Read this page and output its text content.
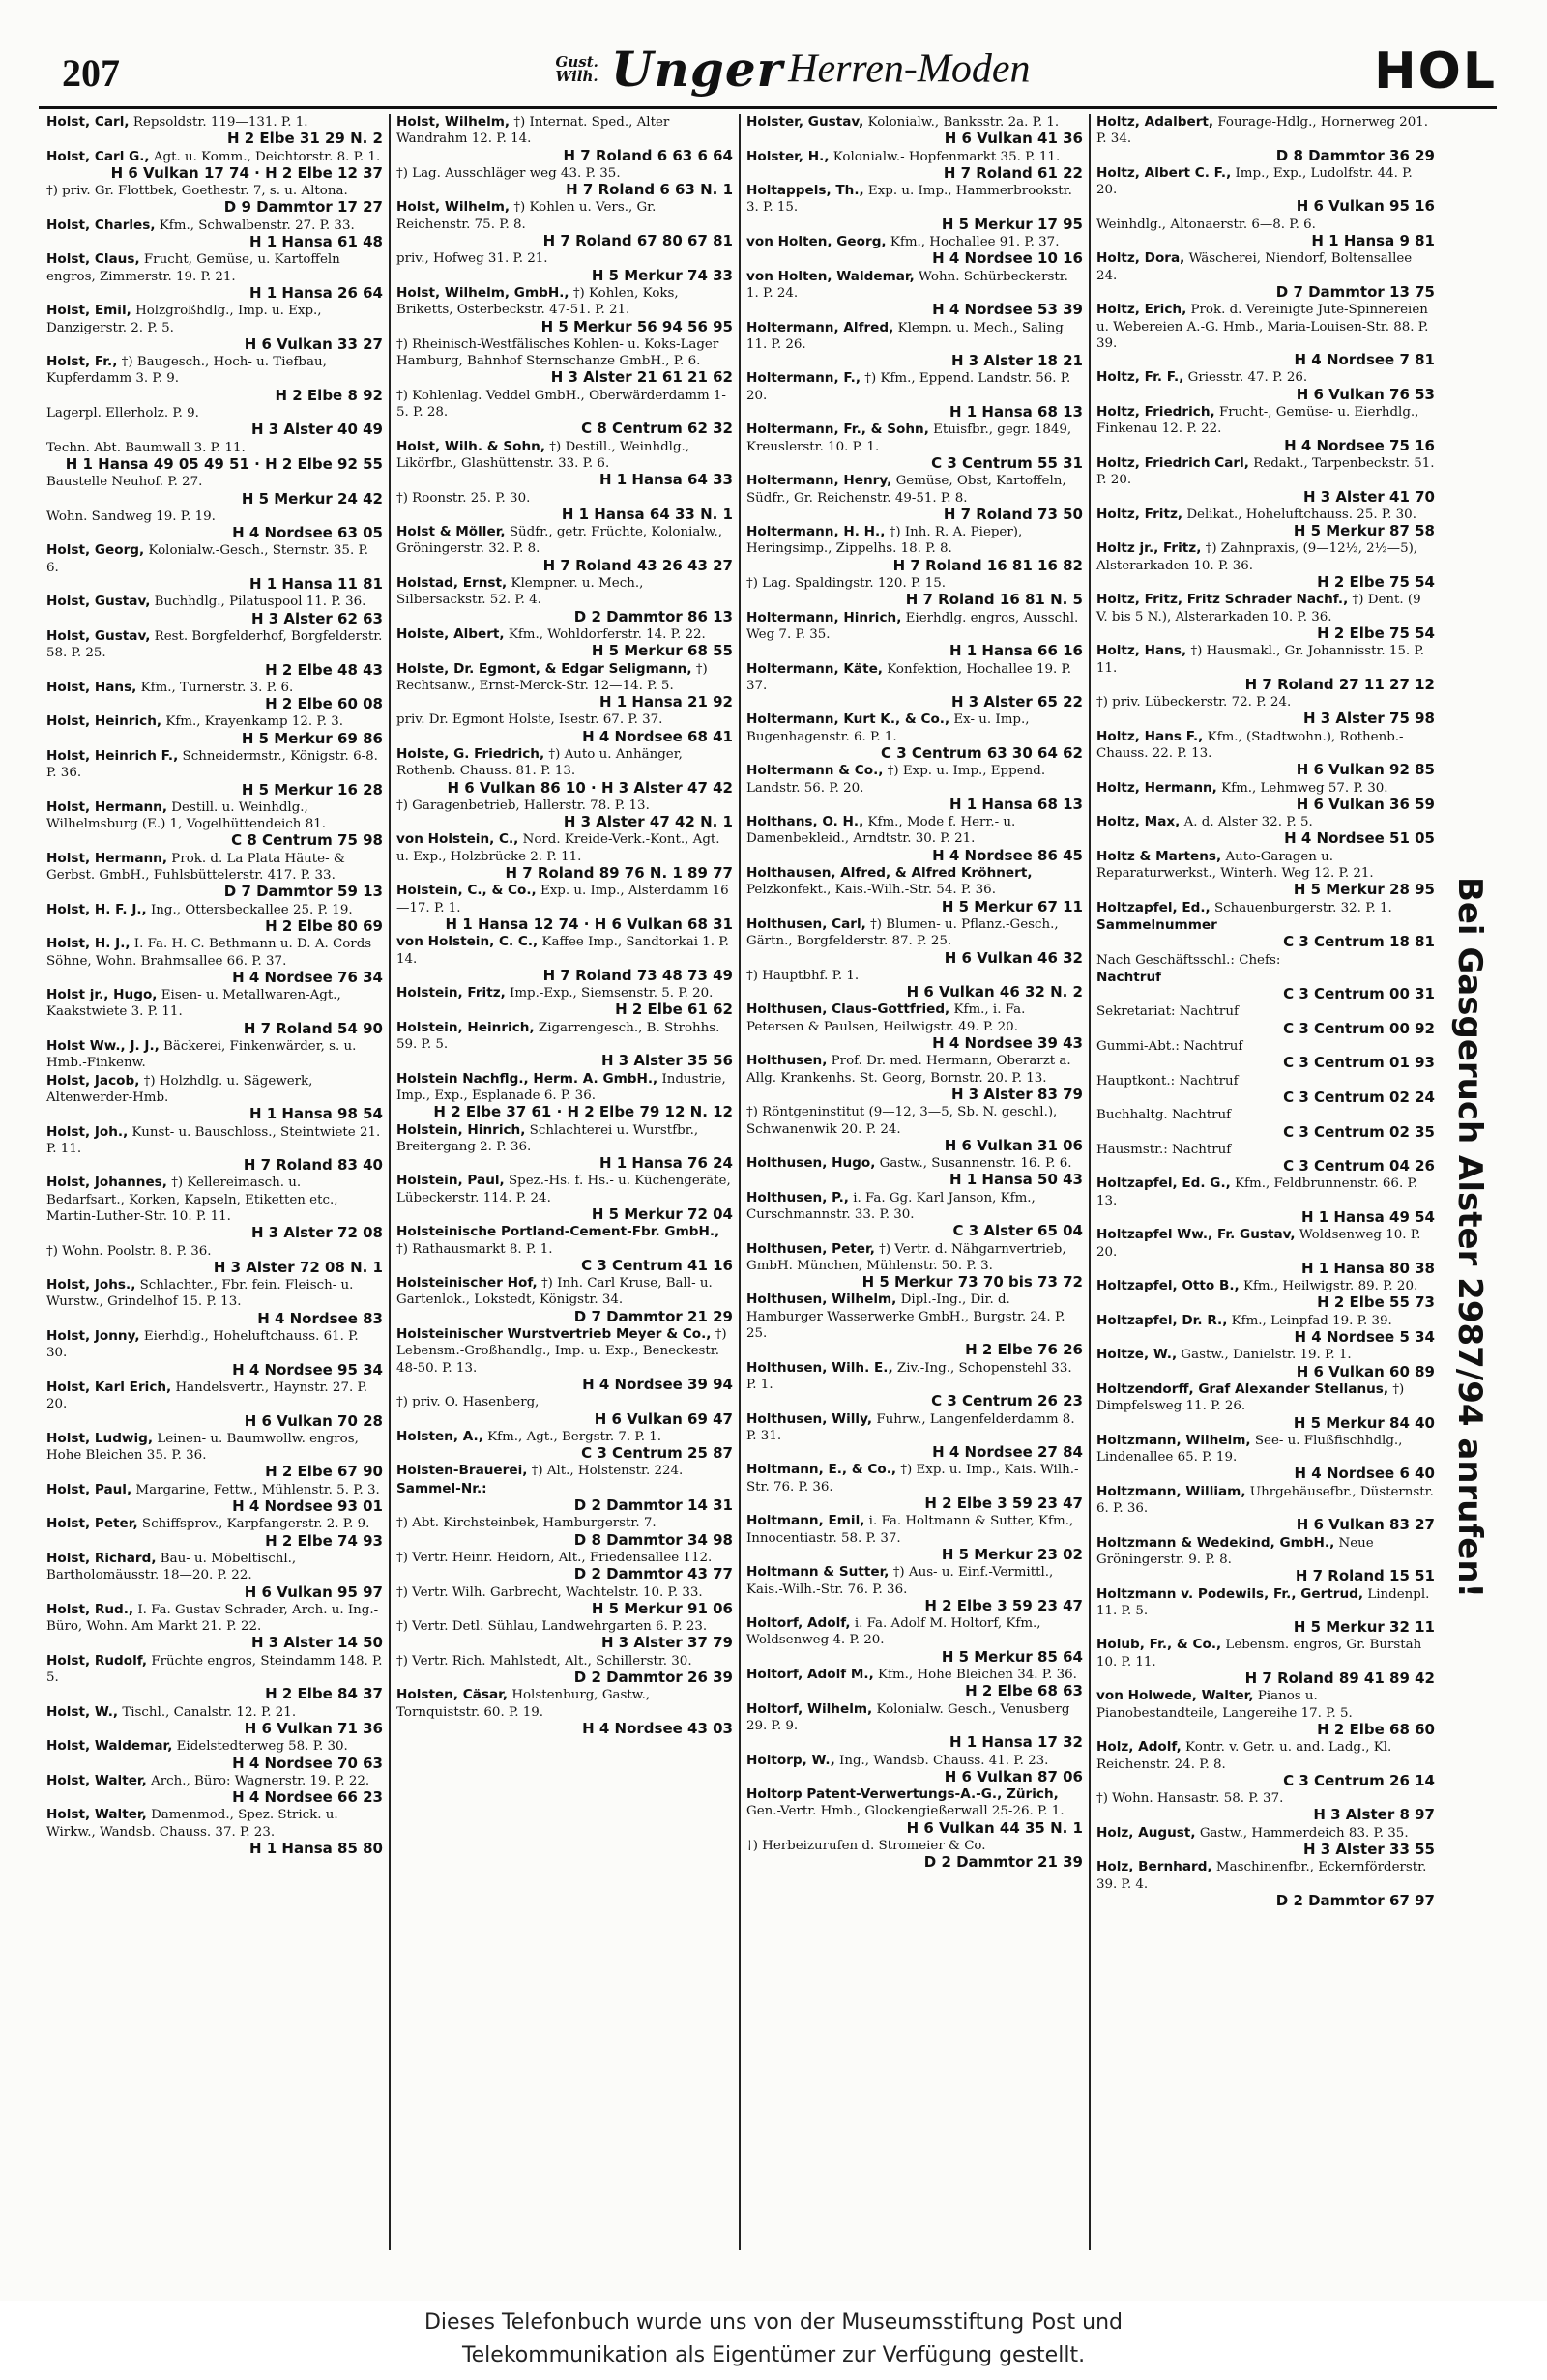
207	Gust.
Wilh. Unger Herren-Moden	HOL
Holst, Carl, Repsoldstr. 119—131. P. 1.
H 2 Elbe 31 29 N. 2
Holst, Carl G., Agt. u. Komm., Deichtorstr. 8. P. 1.
H 6 Vulkan 17 74 · H 2 Elbe 12 37
†) priv. Gr. Flottbek, Goethestr. 7, s. u. Altona.
D 9 Dammtor 17 27
Holst, Charles, Kfm., Schwalbenstr. 27. P. 33.
H 1 Hansa 61 48
Holst, Claus, Frucht, Gemüse, u. Kartoffeln engros, Zimmerstr. 19. P. 21.
H 1 Hansa 26 64
Holst, Emil, Holzgroßhdlg., Imp. u. Exp., Danzigerstr. 2. P. 5.
H 6 Vulkan 33 27
Holst, Fr., †) Baugesch., Hoch- u. Tiefbau, Kupferdamm 3. P. 9.
H 2 Elbe 8 92
Lagerpl. Ellerholz. P. 9.
H 3 Alster 40 49
Techn. Abt. Baumwall 3. P. 11.
H 1 Hansa 49 05 49 51 · H 2 Elbe 92 55
Baustelle Neuhof. P. 27.
H 5 Merkur 24 42
Wohn. Sandweg 19. P. 19.
H 4 Nordsee 63 05
Holst, Georg, Kolonialw.-Gesch., Sternstr. 35. P. 6.
H 1 Hansa 11 81
Holst, Gustav, Buchhdlg., Pilatuspool 11. P. 36.
H 3 Alster 62 63
Holst, Gustav, Rest. Borgfelderhof, Borgfelderstr. 58. P. 25.
H 2 Elbe 48 43
Holst, Hans, Kfm., Turnerstr. 3. P. 6.
H 2 Elbe 60 08
Holst, Heinrich, Kfm., Krayenkamp 12. P. 3.
H 5 Merkur 69 86
Holst, Heinrich F., Schneidermstr., Königstr. 6-8. P. 36.
H 5 Merkur 16 28
Holst, Hermann, Destill. u. Weinhdlg., Wilhelmsburg (E.) 1, Vogelhüttendeich 81.
C 8 Centrum 75 98
Holst, Hermann, Prok. d. La Plata Häute- & Gerbst. GmbH., Fuhlsbüttelerstr. 417. P. 33.
D 7 Dammtor 59 13
Holst, H. F. J., Ing., Ottersbeckallee 25. P. 19.
H 2 Elbe 80 69
Holst, H. J., I. Fa. H. C. Bethmann u. D. A. Cords Söhne, Wohn. Brahmsallee 66. P. 37.
H 4 Nordsee 76 34
Holst jr., Hugo, Eisen- u. Metallwaren-Agt., Kaakstwiete 3. P. 11.
H 7 Roland 54 90
Holst Ww., J. J., Bäckerei, Finkenwärder, s. u. Hmb.-Finkenw.
Holst, Jacob, †) Holzhdlg. u. Sägewerk, Altenwerder-Hmb.
H 1 Hansa 98 54
Holst, Joh., Kunst- u. Bauschloss., Steintwiete 21. P. 11.
H 7 Roland 83 40
Holst, Johannes, †) Kellereimasch. u. Bedarfsart., Korken, Kapseln, Etiketten etc., Martin-Luther-Str. 10. P. 11.
H 3 Alster 72 08
†) Wohn. Poolstr. 8. P. 36.
H 3 Alster 72 08 N. 1
Holst, Johs., Schlachter., Fbr. fein. Fleisch- u. Wurstw., Grindelhof 15. P. 13.
H 4 Nordsee 83
Holst, Jonny, Eierhdlg., Hoheluftchauss. 61. P. 30.
H 4 Nordsee 95 34
Holst, Karl Erich, Handelsvertr., Haynstr. 27. P. 20.
H 6 Vulkan 70 28
Holst, Ludwig, Leinen- u. Baumwollw. engros, Hohe Bleichen 35. P. 36.
H 2 Elbe 67 90
Holst, Paul, Margarine, Fettw., Mühlenstr. 5. P. 3.
H 4 Nordsee 93 01
Holst, Peter, Schiffsprov., Karpfangerstr. 2. P. 9.
H 2 Elbe 74 93
Holst, Richard, Bau- u. Möbeltischl., Bartholomäusstr. 18—20. P. 22.
H 6 Vulkan 95 97
Holst, Rud., I. Fa. Gustav Schrader, Arch. u. Ing.-Büro, Wohn. Am Markt 21. P. 22.
H 3 Alster 14 50
Holst, Rudolf, Früchte engros, Steindamm 148. P. 5.
H 2 Elbe 84 37
Holst, W., Tischl., Canalstr. 12. P. 21.
H 6 Vulkan 71 36
Holst, Waldemar, Eidelstedterweg 58. P. 30.
H 4 Nordsee 70 63
Holst, Walter, Arch., Büro: Wagnerstr. 19. P. 22.
H 4 Nordsee 66 23
Holst, Walter, Damenmod., Spez. Strick. u. Wirkw., Wandsb. Chauss. 37. P. 23.
H 1 Hansa 85 80
Holst, Wilhelm, †) Internat. Sped., Alter Wandrahm 12. P. 14.
H 7 Roland 6 63 6 64
†) Lag. Ausschläger weg 43. P. 35.
H 7 Roland 6 63 N. 1
Holst, Wilhelm, †) Kohlen u. Vers., Gr. Reichenstr. 75. P. 8.
H 7 Roland 67 80 67 81
priv., Hofweg 31. P. 21.
H 5 Merkur 74 33
Holst, Wilhelm, GmbH., †) Kohlen, Koks, Briketts, Osterbeckstr. 47-51. P. 21.
H 5 Merkur 56 94 56 95
†) Rheinisch-Westfälisches Kohlen- u. Koks-Lager Hamburg, Bahnhof Sternschanze GmbH., P. 6.
H 3 Alster 21 61 21 62
†) Kohlenlag. Veddel GmbH., Oberwärderdamm 1-5. P. 28.
C 8 Centrum 62 32
Holst, Wilh. & Sohn, †) Destill., Weinhdlg., Likörfbr., Glashüttenstr. 33. P. 6.
H 1 Hansa 64 33
†) Roonstr. 25. P. 30.
H 1 Hansa 64 33 N. 1
Holst & Möller, Südfr., getr. Früchte, Kolonialw., Gröningerstr. 32. P. 8.
H 7 Roland 43 26 43 27
Holstad, Ernst, Klempner. u. Mech., Silbersackstr. 52. P. 4.
D 2 Dammtor 86 13
Holste, Albert, Kfm., Wohldorferstr. 14. P. 22.
H 5 Merkur 68 55
Holste, Dr. Egmont, & Edgar Seligmann, †) Rechtsanw., Ernst-Merck-Str. 12—14. P. 5.
H 1 Hansa 21 92
priv. Dr. Egmont Holste, Isestr. 67. P. 37.
H 4 Nordsee 68 41
Holste, G. Friedrich, †) Auto u. Anhänger, Rothenb. Chauss. 81. P. 13.
H 6 Vulkan 86 10 · H 3 Alster 47 42
†) Garagenbetrieb, Hallerstr. 78. P. 13.
H 3 Alster 47 42 N. 1
von Holstein, C., Nord. Kreide-Verk.-Kont., Agt. u. Exp., Holzbrücke 2. P. 11.
H 7 Roland 89 76 N. 1 89 77
Holstein, C., & Co., Exp. u. Imp., Alsterdamm 16—17. P. 1.
H 1 Hansa 12 74 · H 6 Vulkan 68 31
von Holstein, C. C., Kaffee Imp., Sandtorkai 1. P. 14.
H 7 Roland 73 48 73 49
Holstein, Fritz, Imp.-Exp., Siemsenstr. 5. P. 20.
H 2 Elbe 61 62
Holstein, Heinrich, Zigarrengesch., B. Strohhs. 59. P. 5.
H 3 Alster 35 56
Holstein Nachflg., Herm. A. GmbH., Industrie, Imp., Exp., Esplanade 6. P. 36.
H 2 Elbe 37 61 · H 2 Elbe 79 12 N. 12
Holstein, Hinrich, Schlachterei u. Wurstfbr., Breitergang 2. P. 36.
H 1 Hansa 76 24
Holstein, Paul, Spez.-Hs. f. Hs.- u. Küchengeräte, Lübeckerstr. 114. P. 24.
H 5 Merkur 72 04
Holsteinische Portland-Cement-Fbr. GmbH., †) Rathausmarkt 8. P. 1.
C 3 Centrum 41 16
Holsteinischer Hof, †) Inh. Carl Kruse, Ball- u. Gartenlok., Lokstedt, Königstr. 34.
D 7 Dammtor 21 29
Holsteinischer Wurstvertrieb Meyer & Co., †) Lebensm.-Großhandlg., Imp. u. Exp., Beneckestr. 48-50. P. 13.
H 4 Nordsee 39 94
†) priv. O. Hasenberg,
H 6 Vulkan 69 47
Holsten, A., Kfm., Agt., Bergstr. 7. P. 1.
C 3 Centrum 25 87
Holsten-Brauerei, †) Alt., Holstenstr. 224.
Sammel-Nr.:
D 2 Dammtor 14 31
†) Abt. Kirchsteinbek, Hamburgerstr. 7.
D 8 Dammtor 34 98
†) Vertr. Heinr. Heidorn, Alt., Friedensallee 112.
D 2 Dammtor 43 77
†) Vertr. Wilh. Garbrecht, Wachtelstr. 10. P. 33.
H 5 Merkur 91 06
†) Vertr. Detl. Sühlau, Landwehrgarten 6. P. 23.
H 3 Alster 37 79
†) Vertr. Rich. Mahlstedt, Alt., Schillerstr. 30.
D 2 Dammtor 26 39
Holsten, Cäsar, Holstenburg, Gastw., Tornquiststr. 60. P. 19.
H 4 Nordsee 43 03
Holster, Gustav, Kolonialw., Banksstr. 2a. P. 1.
H 6 Vulkan 41 36
Holster, H., Kolonialw.- Hopfenmarkt 35. P. 11.
H 7 Roland 61 22
Holtappels, Th., Exp. u. Imp., Hammerbrookstr. 3. P. 15.
H 5 Merkur 17 95
von Holten, Georg, Kfm., Hochallee 91. P. 37.
H 4 Nordsee 10 16
von Holten, Waldemar, Wohn. Schürbeckerstr. 1. P. 24.
H 4 Nordsee 53 39
Holtermann, Alfred, Klempn. u. Mech., Saling 11. P. 26.
H 3 Alster 18 21
Holtermann, F., †) Kfm., Eppend. Landstr. 56. P. 20.
H 1 Hansa 68 13
Holtermann, Fr., & Sohn, Etuisfbr., gegr. 1849, Kreuslerstr. 10. P. 1.
C 3 Centrum 55 31
Holtermann, Henry, Gemüse, Obst, Kartoffeln, Südfr., Gr. Reichenstr. 49-51. P. 8.
H 7 Roland 73 50
Holtermann, H. H., †) Inh. R. A. Pieper), Heringsimp., Zippelhs. 18. P. 8.
H 7 Roland 16 81 16 82
†) Lag. Spaldingstr. 120. P. 15.
H 7 Roland 16 81 N. 5
Holtermann, Hinrich, Eierhdlg. engros, Ausschl. Weg 7. P. 35.
H 1 Hansa 66 16
Holtermann, Käte, Konfektion, Hochallee 19. P. 37.
H 3 Alster 65 22
Holtermann, Kurt K., & Co., Ex- u. Imp., Bugenhagenstr. 6. P. 1.
C 3 Centrum 63 30 64 62
Holtermann & Co., †) Exp. u. Imp., Eppend. Landstr. 56. P. 20.
H 1 Hansa 68 13
Holthans, O. H., Kfm., Mode f. Herr.- u. Damenbekleid., Arndtstr. 30. P. 21.
H 4 Nordsee 86 45
Holthausen, Alfred, & Alfred Kröhnert, Pelzkonfekt., Kais.-Wilh.-Str. 54. P. 36.
H 5 Merkur 67 11
Holthusen, Carl, †) Blumen- u. Pflanz.-Gesch., Gärtn., Borgfelderstr. 87. P. 25.
H 6 Vulkan 46 32
†) Hauptbhf. P. 1.
H 6 Vulkan 46 32 N. 2
Holthusen, Claus-Gottfried, Kfm., i. Fa. Petersen & Paulsen, Heilwigstr. 49. P. 20.
H 4 Nordsee 39 43
Holthusen, Prof. Dr. med. Hermann, Oberarzt a. Allg. Krankenhs. St. Georg, Bornstr. 20. P. 13.
H 3 Alster 83 79
†) Röntgeninstitut (9—12, 3—5, Sb. N. geschl.), Schwanenwik 20. P. 24.
H 6 Vulkan 31 06
Holthusen, Hugo, Gastw., Susannenstr. 16. P. 6.
H 1 Hansa 50 43
Holthusen, P., i. Fa. Gg. Karl Janson, Kfm., Curschmannstr. 33. P. 30.
C 3 Alster 65 04
Holthusen, Peter, †) Vertr. d. Nähgarnvertrieb, GmbH. München, Mühlenstr. 50. P. 3.
H 5 Merkur 73 70 bis 73 72
Holthusen, Wilhelm, Dipl.-Ing., Dir. d. Hamburger Wasserwerke GmbH., Burgstr. 24. P. 25.
H 2 Elbe 76 26
Holthusen, Wilh. E., Ziv.-Ing., Schopenstehl 33. P. 1.
C 3 Centrum 26 23
Holthusen, Willy, Fuhrw., Langenfelderdamm 8. P. 31.
H 4 Nordsee 27 84
Holtmann, E., & Co., †) Exp. u. Imp., Kais. Wilh.-Str. 76. P. 36.
H 2 Elbe 3 59 23 47
Holtmann, Emil, i. Fa. Holtmann & Sutter, Kfm., Innocentiastr. 58. P. 37.
H 5 Merkur 23 02
Holtmann & Sutter, †) Aus- u. Einf.-Vermittl., Kais.-Wilh.-Str. 76. P. 36.
H 2 Elbe 3 59 23 47
Holtorf, Adolf, i. Fa. Adolf M. Holtorf, Kfm., Woldsenweg 4. P. 20.
H 5 Merkur 85 64
Holtorf, Adolf M., Kfm., Hohe Bleichen 34. P. 36.
H 2 Elbe 68 63
Holtorf, Wilhelm, Kolonialw. Gesch., Venusberg 29. P. 9.
H 1 Hansa 17 32
Holtorp, W., Ing., Wandsb. Chauss. 41. P. 23.
H 6 Vulkan 87 06
Holtorp Patent-Verwertungs-A.-G., Zürich, Gen.-Vertr. Hmb., Glockengießerwall 25-26. P. 1.
H 6 Vulkan 44 35 N. 1
†) Herbeizurufen d. Stromeier & Co.
D 2 Dammtor 21 39
Holtz, Adalbert, Fourage-Hdlg., Hornerweg 201. P. 34.
D 8 Dammtor 36 29
Holtz, Albert C. F., Imp., Exp., Ludolfstr. 44. P. 20.
H 6 Vulkan 95 16
Weinhdlg., Altonaerstr. 6—8. P. 6.
H 1 Hansa 9 81
Holtz, Dora, Wäscherei, Niendorf, Boltensallee 24.
D 7 Dammtor 13 75
Holtz, Erich, Prok. d. Vereinigte Jute-Spinnereien u. Webereien A.-G. Hmb., Maria-Louisen-Str. 88. P. 39.
H 4 Nordsee 7 81
Holtz, Fr. F., Griesstr. 47. P. 26.
H 6 Vulkan 76 53
Holtz, Friedrich, Frucht-, Gemüse- u. Eierhdlg., Finkenau 12. P. 22.
H 4 Nordsee 75 16
Holtz, Friedrich Carl, Redakt., Tarpenbeckstr. 51. P. 20.
H 3 Alster 41 70
Holtz, Fritz, Delikat., Hoheluftchauss. 25. P. 30.
H 5 Merkur 87 58
Holtz jr., Fritz, †) Zahnpraxis, (9—12½, 2½—5), Alsterarkaden 10. P. 36.
H 2 Elbe 75 54
Holtz, Fritz, Fritz Schrader Nachf., †) Dent. (9 V. bis 5 N.), Alsterarkaden 10. P. 36.
H 2 Elbe 75 54
Holtz, Hans, †) Hausmakl., Gr. Johannisstr. 15. P. 11.
H 7 Roland 27 11 27 12
†) priv. Lübeckerstr. 72. P. 24.
H 3 Alster 75 98
Holtz, Hans F., Kfm., (Stadtwohn.), Rothenb.-Chauss. 22. P. 13.
H 6 Vulkan 92 85
Holtz, Hermann, Kfm., Lehmweg 57. P. 30.
H 6 Vulkan 36 59
Holtz, Max, A. d. Alster 32. P. 5.
H 4 Nordsee 51 05
Holtz & Martens, Auto-Garagen u. Reparaturwerkst., Winterh. Weg 12. P. 21.
H 5 Merkur 28 95
Holtzapfel, Ed., Schauenburgerstr. 32. P. 1.
Sammelnummer
C 3 Centrum 18 81
Nach Geschäftsschl.: Chefs:
Nachtruf
C 3 Centrum 00 31
Sekretariat: Nachtruf
C 3 Centrum 00 92
Gummi-Abt.: Nachtruf
C 3 Centrum 01 93
Hauptkont.: Nachtruf
C 3 Centrum 02 24
Buchhaltg. Nachtruf
C 3 Centrum 02 35
Hausmstr.: Nachtruf
C 3 Centrum 04 26
Holtzapfel, Ed. G., Kfm., Feldbrunnenstr. 66. P. 13.
H 1 Hansa 49 54
Holtzapfel Ww., Fr. Gustav, Woldsenweg 10. P. 20.
H 1 Hansa 80 38
Holtzapfel, Otto B., Kfm., Heilwigstr. 89. P. 20.
H 2 Elbe 55 73
Holtzapfel, Dr. R., Kfm., Leinpfad 19. P. 39.
H 4 Nordsee 5 34
Holtze, W., Gastw., Danielstr. 19. P. 1.
H 6 Vulkan 60 89
Holtzendorff, Graf Alexander Stellanus, †) Dimpfelsweg 11. P. 26.
H 5 Merkur 84 40
Holtzmann, Wilhelm, See- u. Flußfischhdlg., Lindenallee 65. P. 19.
H 4 Nordsee 6 40
Holtzmann, William, Uhrgehäusefbr., Düsternstr. 6. P. 36.
H 6 Vulkan 83 27
Holtzmann & Wedekind, GmbH., Neue Gröningerstr. 9. P. 8.
H 7 Roland 15 51
Holtzmann v. Podewils, Fr., Gertrud, Lindenpl. 11. P. 5.
H 5 Merkur 32 11
Holub, Fr., & Co., Lebensm. engros, Gr. Burstah 10. P. 11.
H 7 Roland 89 41 89 42
von Holwede, Walter, Pianos u. Pianobestandteile, Langereihe 17. P. 5.
H 2 Elbe 68 60
Holz, Adolf, Kontr. v. Getr. u. and. Ladg., Kl. Reichenstr. 24. P. 8.
C 3 Centrum 26 14
†) Wohn. Hansastr. 58. P. 37.
H 3 Alster 8 97
Holz, August, Gastw., Hammerdeich 83. P. 35.
H 3 Alster 33 55
Holz, Bernhard, Maschinenfbr., Eckernförderstr. 39. P. 4.
D 2 Dammtor 67 97
Bei Gasgeruch Alster 2987/94 anrufen!
Dieses Telefonbuch wurde uns von der Museumsstiftung Post und
Telekommunikation als Eigentümer zur Verfügung gestellt.
